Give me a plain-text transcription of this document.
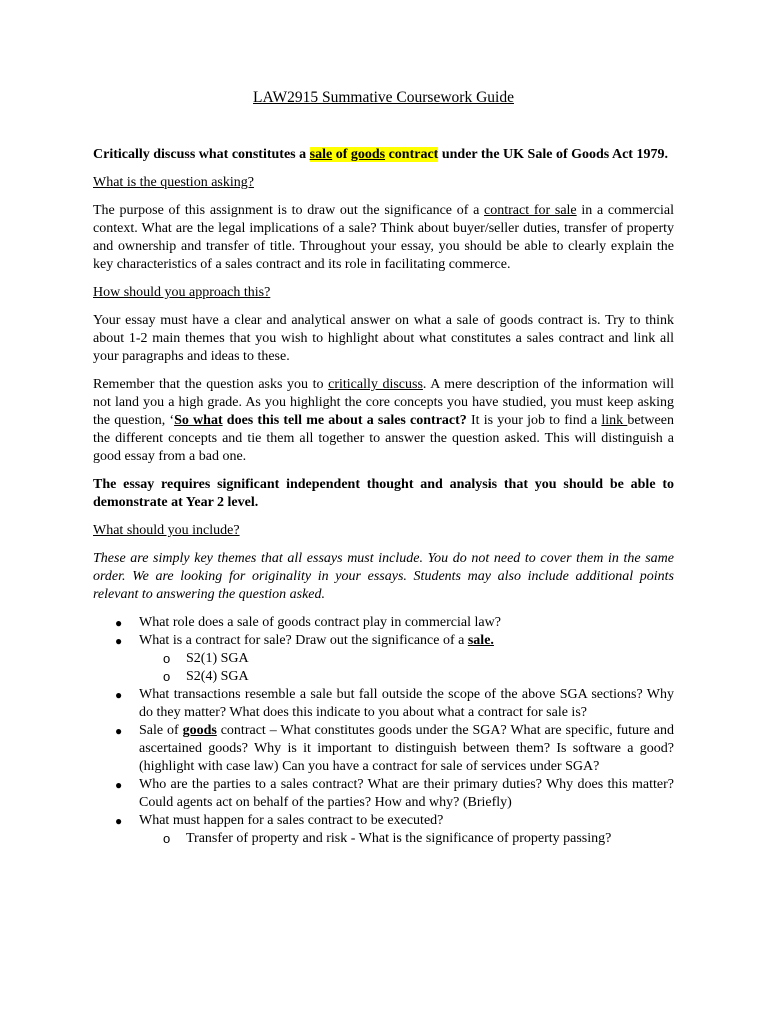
LAW2915 Summative Coursework Guide

Critically discuss what constitutes a sale of goods contract under the UK Sale of Goods Act 1979.

What is the question asking?

The purpose of this assignment is to draw out the significance of a contract for sale in a commercial context. What are the legal implications of a sale? Think about buyer/seller duties, transfer of property and ownership and transfer of title. Throughout your essay, you should be able to clearly explain the key characteristics of a sales contract and its role in facilitating commerce.

How should you approach this?

Your essay must have a clear and analytical answer on what a sale of goods contract is. Try to think about 1-2 main themes that you wish to highlight about what constitutes a sales contract and link all your paragraphs and ideas to these.

Remember that the question asks you to critically discuss. A mere description of the information will not land you a high grade. As you highlight the core concepts you have studied, you must keep asking the question, ‘So what does this tell me about a sales contract? It is your job to find a link between the different concepts and tie them all together to answer the question asked. This will distinguish a good essay from a bad one.

The essay requires significant independent thought and analysis that you should be able to demonstrate at Year 2 level.

What should you include?

These are simply key themes that all essays must include. You do not need to cover them in the same order. We are looking for originality in your essays. Students may also include additional points relevant to answering the question asked.

● What role does a sale of goods contract play in commercial law?
● What is a contract for sale? Draw out the significance of a sale.
o S2(1) SGA
o S2(4) SGA
● What transactions resemble a sale but fall outside the scope of the above SGA sections? Why do they matter? What does this indicate to you about what a contract for sale is?
● Sale of goods contract – What constitutes goods under the SGA? What are specific, future and ascertained goods? Why is it important to distinguish between them? Is software a good? (highlight with case law) Can you have a contract for sale of services under SGA?
● Who are the parties to a sales contract? What are their primary duties? Why does this matter? Could agents act on behalf of the parties? How and why? (Briefly)
● What must happen for a sales contract to be executed?
o Transfer of property and risk - What is the significance of property passing?
